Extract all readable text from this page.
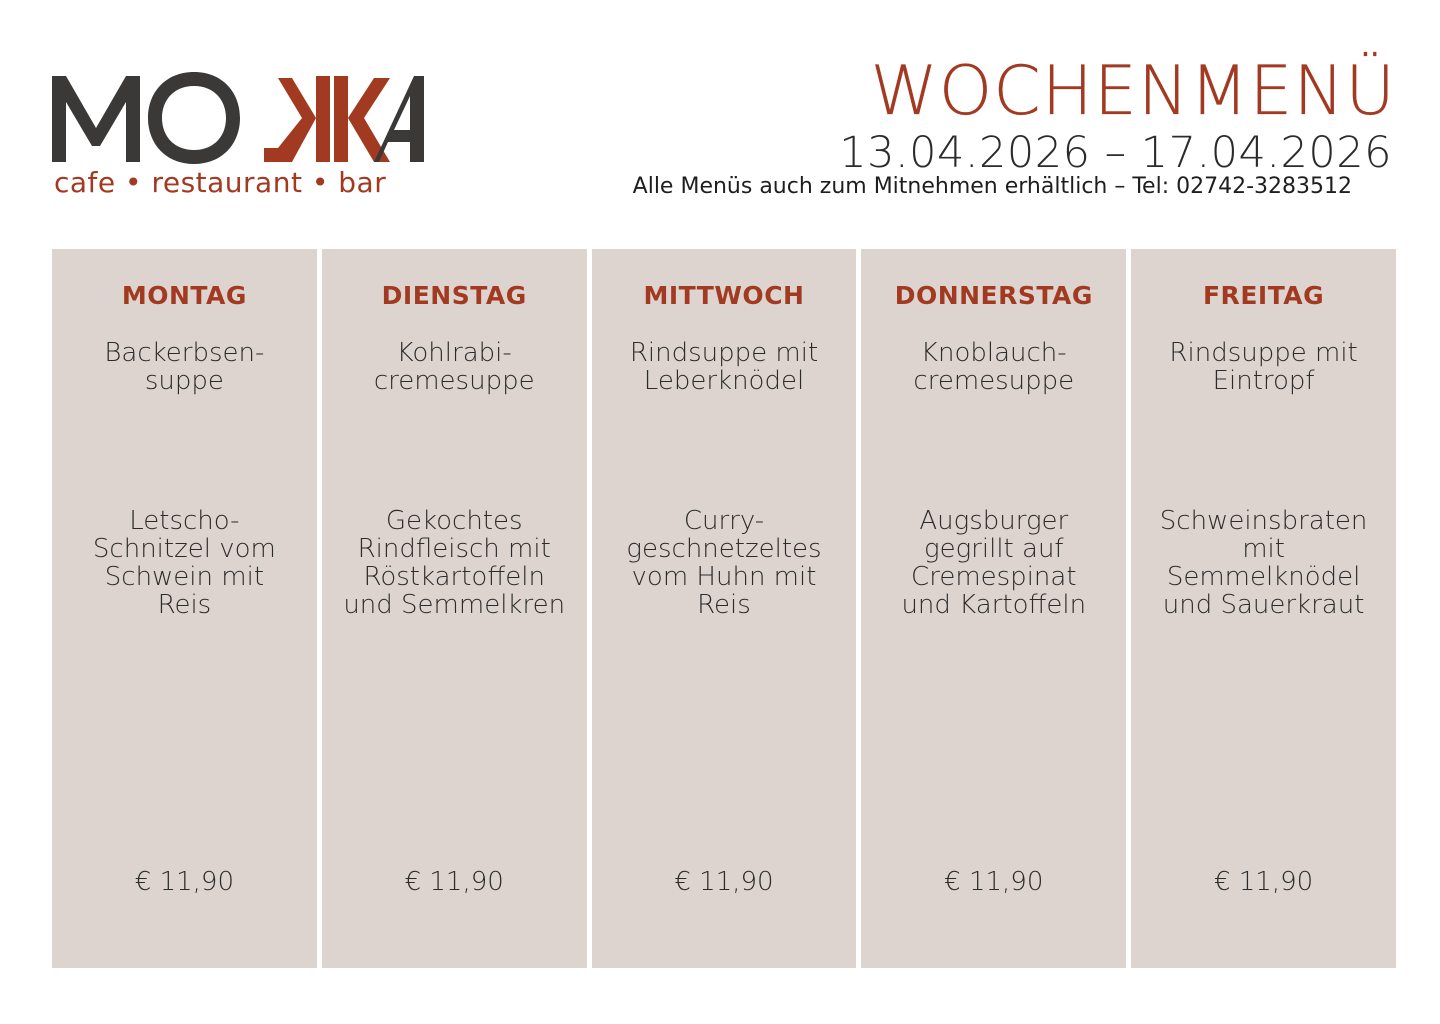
cafe • restaurant • bar
WOCHENMENÜ
13.04.2026 – 17.04.2026
Alle Menüs auch zum Mitnehmen erhältlich – Tel: 02742-3283512
MONTAG
Backerbsen-
suppe
Letscho-
Schnitzel vom
Schwein mit
Reis
€ 11,90
DIENSTAG
Kohlrabi-
cremesuppe
Gekochtes
Rindfleisch mit
Röstkartoffeln
und Semmelkren
€ 11,90
MITTWOCH
Rindsuppe mit
Leberknödel
Curry-
geschnetzeltes
vom Huhn mit
Reis
€ 11,90
DONNERSTAG
Knoblauch-
cremesuppe
Augsburger
gegrillt auf
Cremespinat
und Kartoffeln
€ 11,90
FREITAG
Rindsuppe mit
Eintropf
Schweinsbraten
mit
Semmelknödel
und Sauerkraut
€ 11,90
